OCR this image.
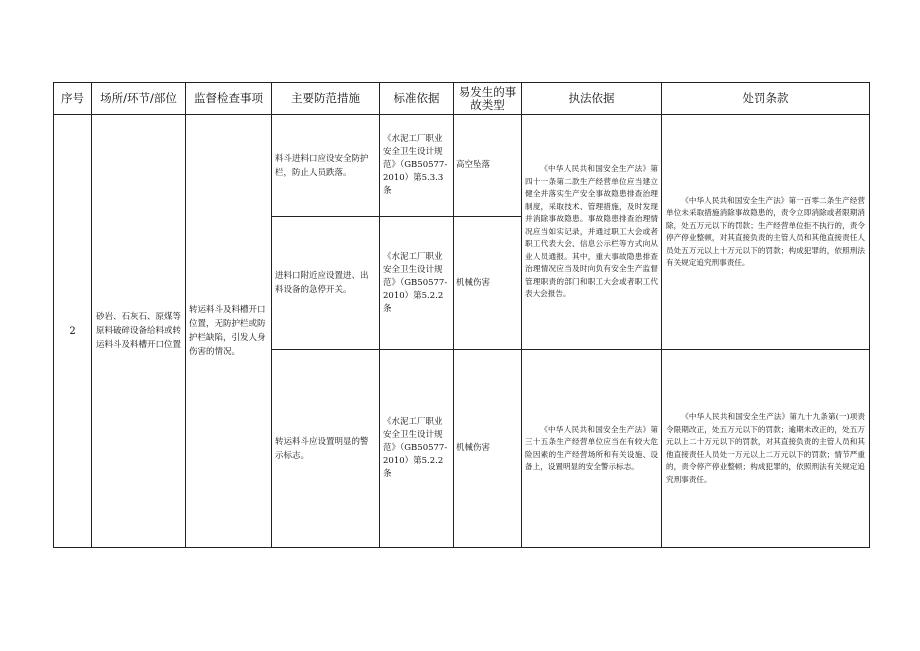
序号	场所/环节/部位	监督检查事项	主要防范措施	标准依据	易发生的事故类型	执法依据	处罚条款
2	砂岩、石灰石、原煤等原料破碎设备给料或转运料斗及料槽开口位置	转运料斗及料槽开口位置，无防护栏或防护栏缺陷，引发人身伤害的情况。	料斗进料口应设安全防护栏，防止人员跌落。	《水泥工厂职业安全卫生设计规范》（GB50577-2010）第5.3.3条	高空坠落	《中华人民共和国安全生产法》第四十一条第二款生产经营单位应当建立健全并落实生产安全事故隐患排查治理制度，采取技术、管理措施，及时发现并消除事故隐患。事故隐患排查治理情况应当如实记录，并通过职工大会或者职工代表大会、信息公示栏等方式向从业人员通报。其中，重大事故隐患排查治理情况应当及时向负有安全生产监督管理职责的部门和职工大会或者职工代表大会报告。	《中华人民共和国安全生产法》第一百零二条生产经营单位未采取措施消除事故隐患的，责令立即消除或者限期消除，处五万元以下的罚款；生产经营单位拒不执行的，责令停产停业整顿，对其直接负责的主管人员和其他直接责任人员处五万元以上十万元以下的罚款；构成犯罪的，依照刑法有关规定追究刑事责任。
			进料口附近应设置进、出料设备的急停开关。	《水泥工厂职业安全卫生设计规范》（GB50577-2010）第5.2.2条	机械伤害		
			转运料斗应设置明显的警示标志。	《水泥工厂职业安全卫生设计规范》（GB50577-2010）第5.2.2条	机械伤害	《中华人民共和国安全生产法》第三十五条生产经营单位应当在有较大危险因素的生产经营场所和有关设施、设备上，设置明显的安全警示标志。	《中华人民共和国安全生产法》第九十九条第(一)项责令限期改正，处五万元以下的罚款；逾期未改正的，处五万元以上二十万元以下的罚款，对其直接负责的主管人员和其他直接责任人员处一万元以上二万元以下的罚款；情节严重的，责令停产停业整顿；构成犯罪的，依照刑法有关规定追究刑事责任。
